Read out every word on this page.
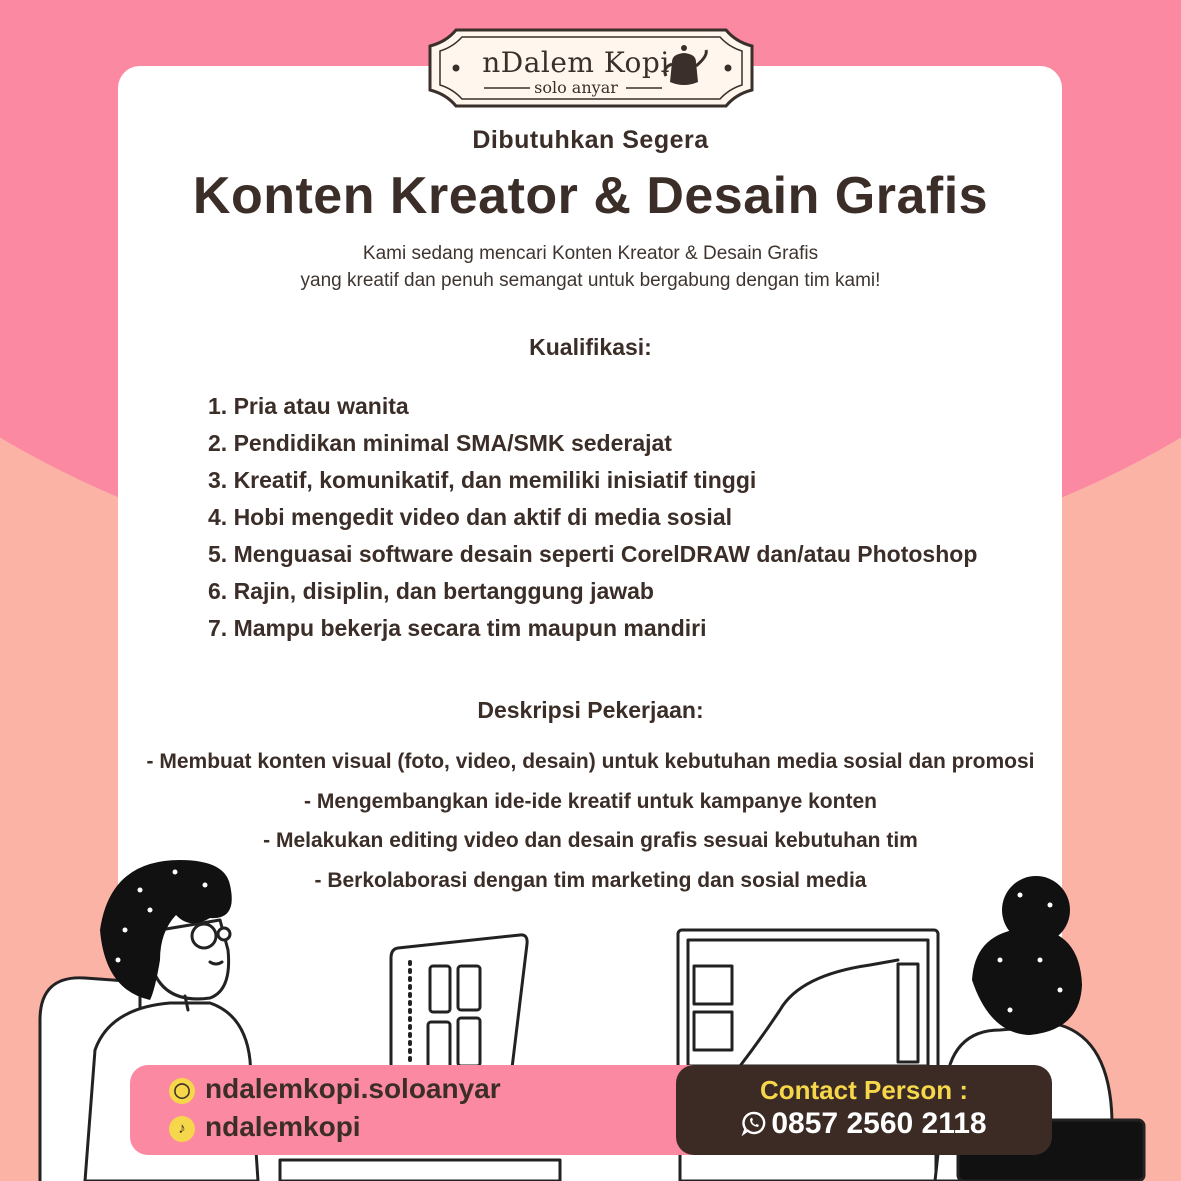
nDalem Kopi
solo anyar
Dibutuhkan Segera
Konten Kreator & Desain Grafis
Kami sedang mencari Konten Kreator & Desain Grafis
yang kreatif dan penuh semangat untuk bergabung dengan tim kami!
Kualifikasi:
1. Pria atau wanita
2. Pendidikan minimal SMA/SMK sederajat
3. Kreatif, komunikatif, dan memiliki inisiatif tinggi
4. Hobi mengedit video dan aktif di media sosial
5. Menguasai software desain seperti CorelDRAW dan/atau Photoshop
6. Rajin, disiplin, dan bertanggung jawab
7. Mampu bekerja secara tim maupun mandiri
Deskripsi Pekerjaan:
- Membuat konten visual (foto, video, desain) untuk kebutuhan media sosial dan promosi
- Mengembangkan ide-ide kreatif untuk kampanye konten
- Melakukan editing video dan desain grafis sesuai kebutuhan tim
- Berkolaborasi dengan tim marketing dan sosial media
◯ ndalemkopi.soloanyar
♪ ndalemkopi
Contact Person :
0857 2560 2118
